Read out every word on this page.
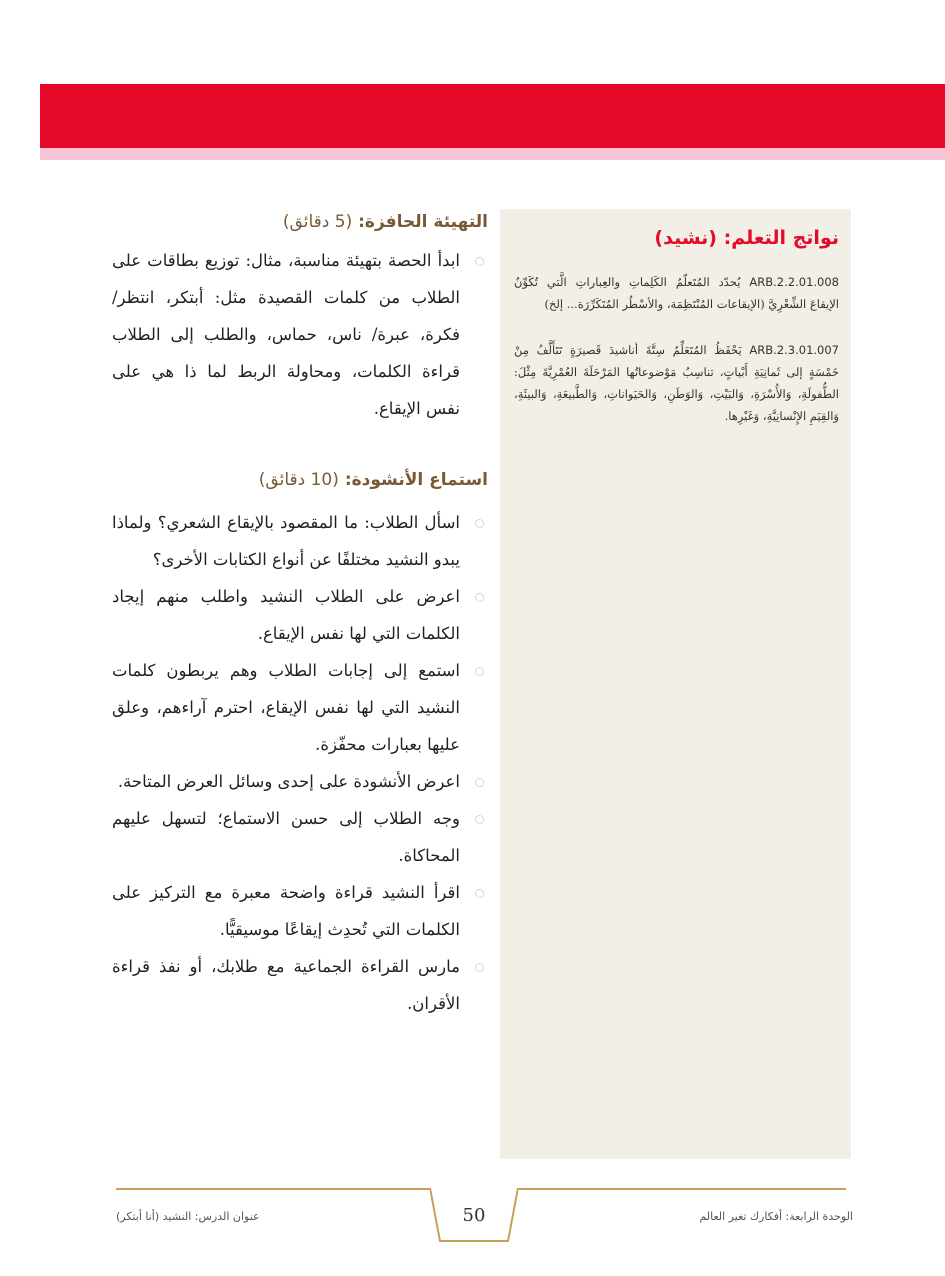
نواتج التعلم: (نشيد)

ARB.2.2.01.008 يُحدّد المُتَعلّمُ الكَلِماتِ والعِباراتِ الَّتي تُكَوِّنُ الإيقاعَ الشِّعْرِيَّ (الإيقاعات المُنْتَظِمَة، والأسْطُر المُتَكَرِّرَة... إلخ)

ARB.2.3.01.007 يَحْفَظُ المُتَعَلِّمُ سِتَّةَ أناشيدَ قَصيرَةٍ تَتَأَلَّفُ مِنْ خَمْسَةٍ إلى ثَمانِيَةِ أَبْياتٍ، تناسِبُ مَوْضوعاتُها المَرْحَلَةَ العُمْرِيَّةَ مِثْلَ: الطُّفولَةِ، وَالأُسْرَةِ، وَالبَيْتِ، وَالوَطَنِ، وَالحَيَواناتِ، وَالطَّبيعَةِ، وَالبيئَةِ، وَالقِيَمِ الإِنْسانِيَّةِ، وَغَيْرِها.

التهيئة الحافزة: (5 دقائق)
ابدأ الحصة بتهيئة مناسبة، مثال: توزيع بطاقات على الطلاب من كلمات القصيدة مثل: أبتكر، انتظر/ فكرة، عبرة/ ناس، حماس، والطلب إلى الطلاب قراءة الكلمات، ومحاولة الربط لما ذا هي على نفس الإيقاع.
استماع الأنشودة: (10 دقائق)
اسأل الطلاب: ما المقصود بالإيقاع الشعري؟ ولماذا يبدو النشيد مختلفًا عن أنواع الكتابات الأخرى؟
اعرض على الطلاب النشيد واطلب منهم إيجاد الكلمات التي لها نفس الإيقاع.
استمع إلى إجابات الطلاب وهم يربطون كلمات النشيد التي لها نفس الإيقاع، احترم آراءهم، وعلق عليها بعبارات محفّزة.
اعرض الأنشودة على إحدى وسائل العرض المتاحة.
وجه الطلاب إلى حسن الاستماع؛ لتسهل عليهم المحاكاة.
اقرأ النشيد قراءة واضحة معبرة مع التركيز على الكلمات التي تُحدِث إيقاعًا موسيقيًّا.
مارس القراءة الجماعية مع طلابك، أو نفذ قراءة الأقران.
50	الوحدة الرابعة: أفكارك تغير العالم
عنوان الدرس: النشيد (أنا أبتكر)
